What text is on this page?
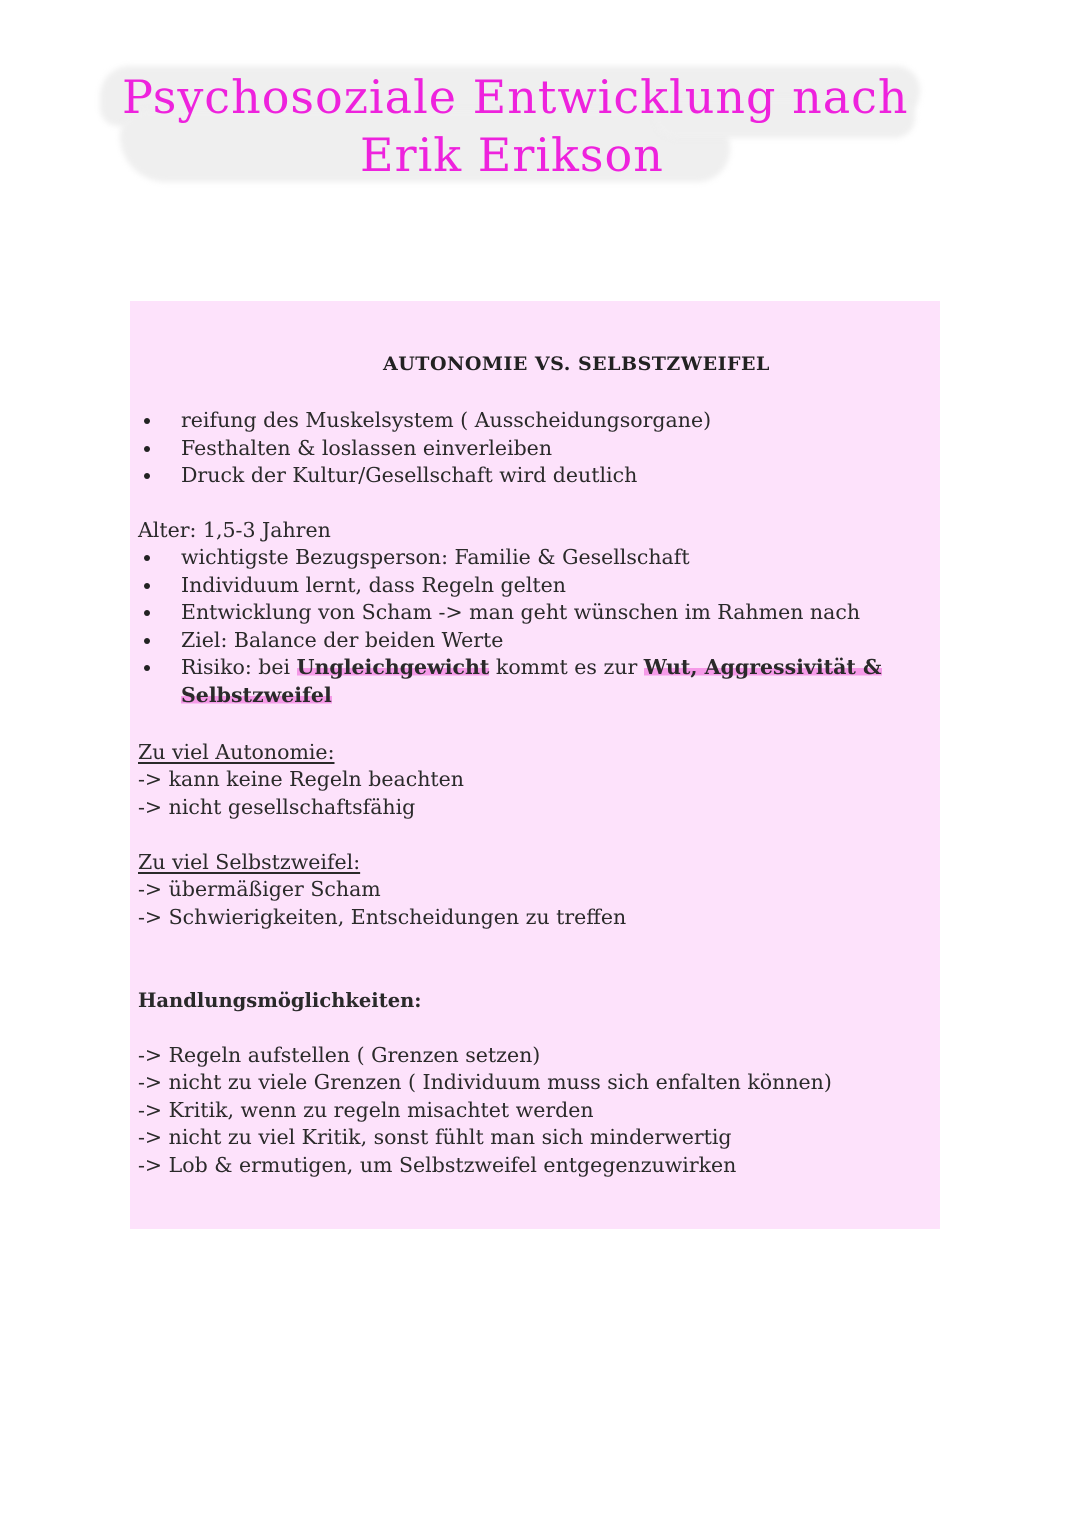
Psychosoziale Entwicklung nach
Erik Erikson
AUTONOMIE VS. SELBSTZWEIFEL
reifung des Muskelsystem ( Ausscheidungsorgane)
Festhalten & loslassen einverleiben
Druck der Kultur/Gesellschaft wird deutlich
Alter: 1,5-3 Jahren
wichtigste Bezugsperson: Familie & Gesellschaft
Individuum lernt, dass Regeln gelten
Entwicklung von Scham -> man geht wünschen im Rahmen nach
Ziel: Balance der beiden Werte
Risiko: bei Ungleichgewicht kommt es zur Wut, Aggressivität &
Selbstzweifel
Zu viel Autonomie:
-> kann keine Regeln beachten
-> nicht gesellschaftsfähig
Zu viel Selbstzweifel:
-> übermäßiger Scham
-> Schwierigkeiten, Entscheidungen zu treffen
Handlungsmöglichkeiten:
-> Regeln aufstellen ( Grenzen setzen)
-> nicht zu viele Grenzen ( Individuum muss sich enfalten können)
-> Kritik, wenn zu regeln misachtet werden
-> nicht zu viel Kritik, sonst fühlt man sich minderwertig
-> Lob & ermutigen, um Selbstzweifel entgegenzuwirken
